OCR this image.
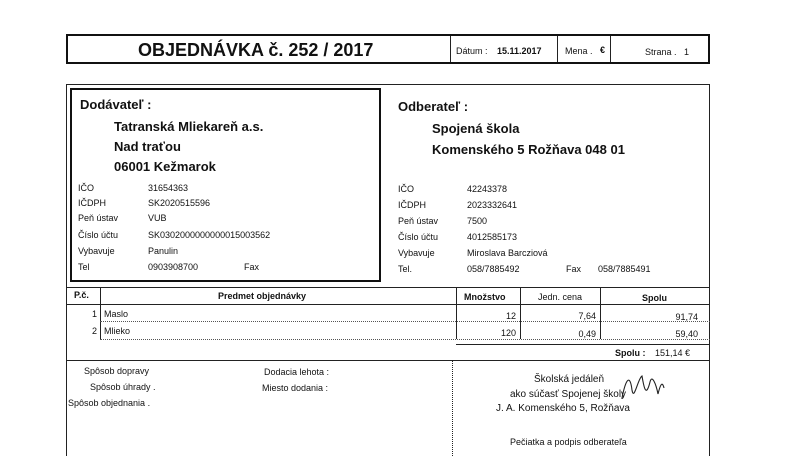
OBJEDNÁVKA č. 252 / 2017	Dátum : 15.11.2017	Mena . €	Strana . 1
Dodávateľ :
Tatranská Mliekareň a.s.
Nad traťou
06001 Kežmarok
IČO	31654363
IČDPH	SK2020515596
Peň ústav	VUB
Číslo účtu	SK0302000000000015003562
Vybavuje	Panulin
Tel	0903908700	Fax
Odberateľ :
Spojená škola
Komenského 5 Rožňava 048 01
IČO	42243378
IČDPH	2023332641
Peň ústav	7500
Číslo účtu	4012585173
Vybavuje	Miroslava Barcziová
Tel.	058/7885492	Fax 058/7885491
P.č.	Predmet objednávky	Množstvo	Jedn. cena	Spolu
1 Maslo	12	7,64	91,74
2 Mlieko	120	0,49	59,40
Spolu : 151,14 €
Spôsob dopravy
Spôsob úhrady .
Spôsob objednania .
Dodacia lehota :
Miesto dodania :
Školská jedáleň
ako súčasť Spojenej školy
J. A. Komenského 5, Rožňava
Pečiatka a podpis odberateľa
